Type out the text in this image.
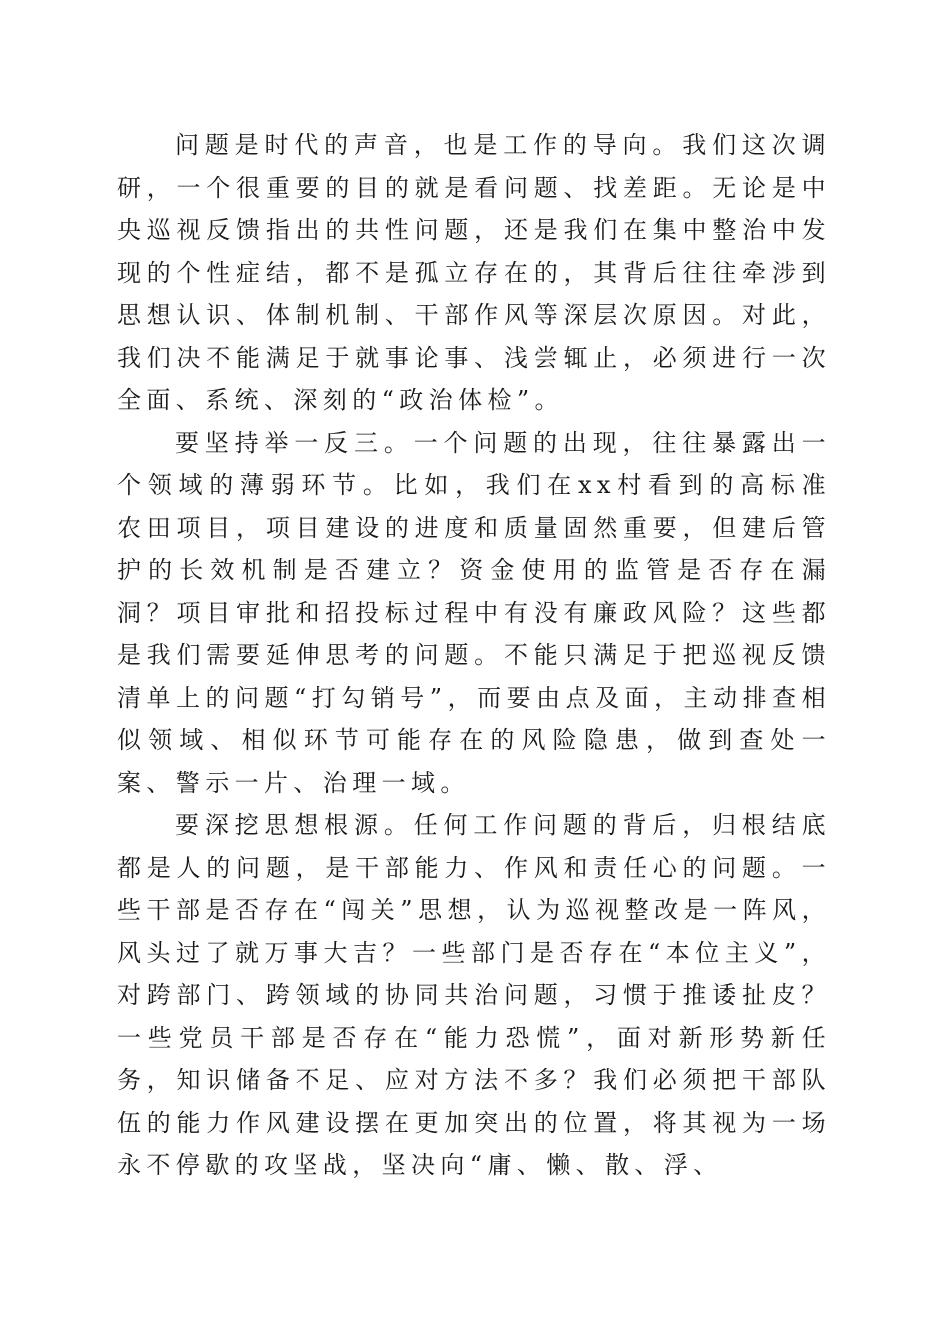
问题是时代的声音，也是工作的导向。我们这次调研，一个很重要的目的就是看问题、找差距。无论是中央巡视反馈指出的共性问题，还是我们在集中整治中发现的个性症结，都不是孤立存在的，其背后往往牵涉到思想认识、体制机制、干部作风等深层次原因。对此，我们决不能满足于就事论事、浅尝辄止，必须进行一次全面、系统、深刻的“政治体检”。

要坚持举一反三。一个问题的出现，往往暴露出一个领域的薄弱环节。比如，我们在xx村看到的高标准农田项目，项目建设的进度和质量固然重要，但建后管护的长效机制是否建立？资金使用的监管是否存在漏洞？项目审批和招投标过程中有没有廉政风险？这些都是我们需要延伸思考的问题。不能只满足于把巡视反馈清单上的问题“打勾销号”，而要由点及面，主动排查相似领域、相似环节可能存在的风险隐患，做到查处一案、警示一片、治理一域。

要深挖思想根源。任何工作问题的背后，归根结底都是人的问题，是干部能力、作风和责任心的问题。一些干部是否存在“闯关”思想，认为巡视整改是一阵风，风头过了就万事大吉？一些部门是否存在“本位主义”，对跨部门、跨领域的协同共治问题，习惯于推诿扯皮？一些党员干部是否存在“能力恐慌”，面对新形势新任务，知识储备不足、应对方法不多？我们必须把干部队伍的能力作风建设摆在更加突出的位置，将其视为一场永不停歇的攻坚战，坚决向“庸、懒、散、浮、
